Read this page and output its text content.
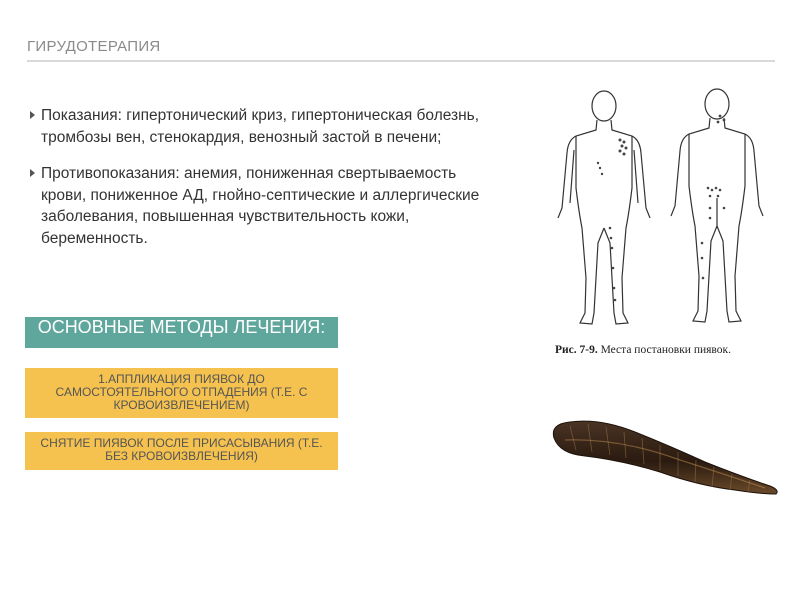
ГИРУДОТЕРАПИЯ
Показания: гипертонический криз, гипертоническая болезнь, тромбозы вен, стенокардия, венозный застой в печени;
Противопоказания: анемия, пониженная свертываемость крови, пониженное АД, гнойно-септические и аллергические заболевания, повышенная чувствительность кожи, беременность.
ОСНОВНЫЕ МЕТОДЫ ЛЕЧЕНИЯ:
1.АППЛИКАЦИЯ ПИЯВОК ДО САМОСТОЯТЕЛЬНОГО ОТПАДЕНИЯ (Т.Е. С КРОВОИЗВЛЕЧЕНИЕМ)
СНЯТИЕ ПИЯВОК ПОСЛЕ ПРИСАСЫВАНИЯ (Т.Е. БЕЗ КРОВОИЗВЛЕЧЕНИЯ)
Рис. 7-9. Места постановки пиявок.
